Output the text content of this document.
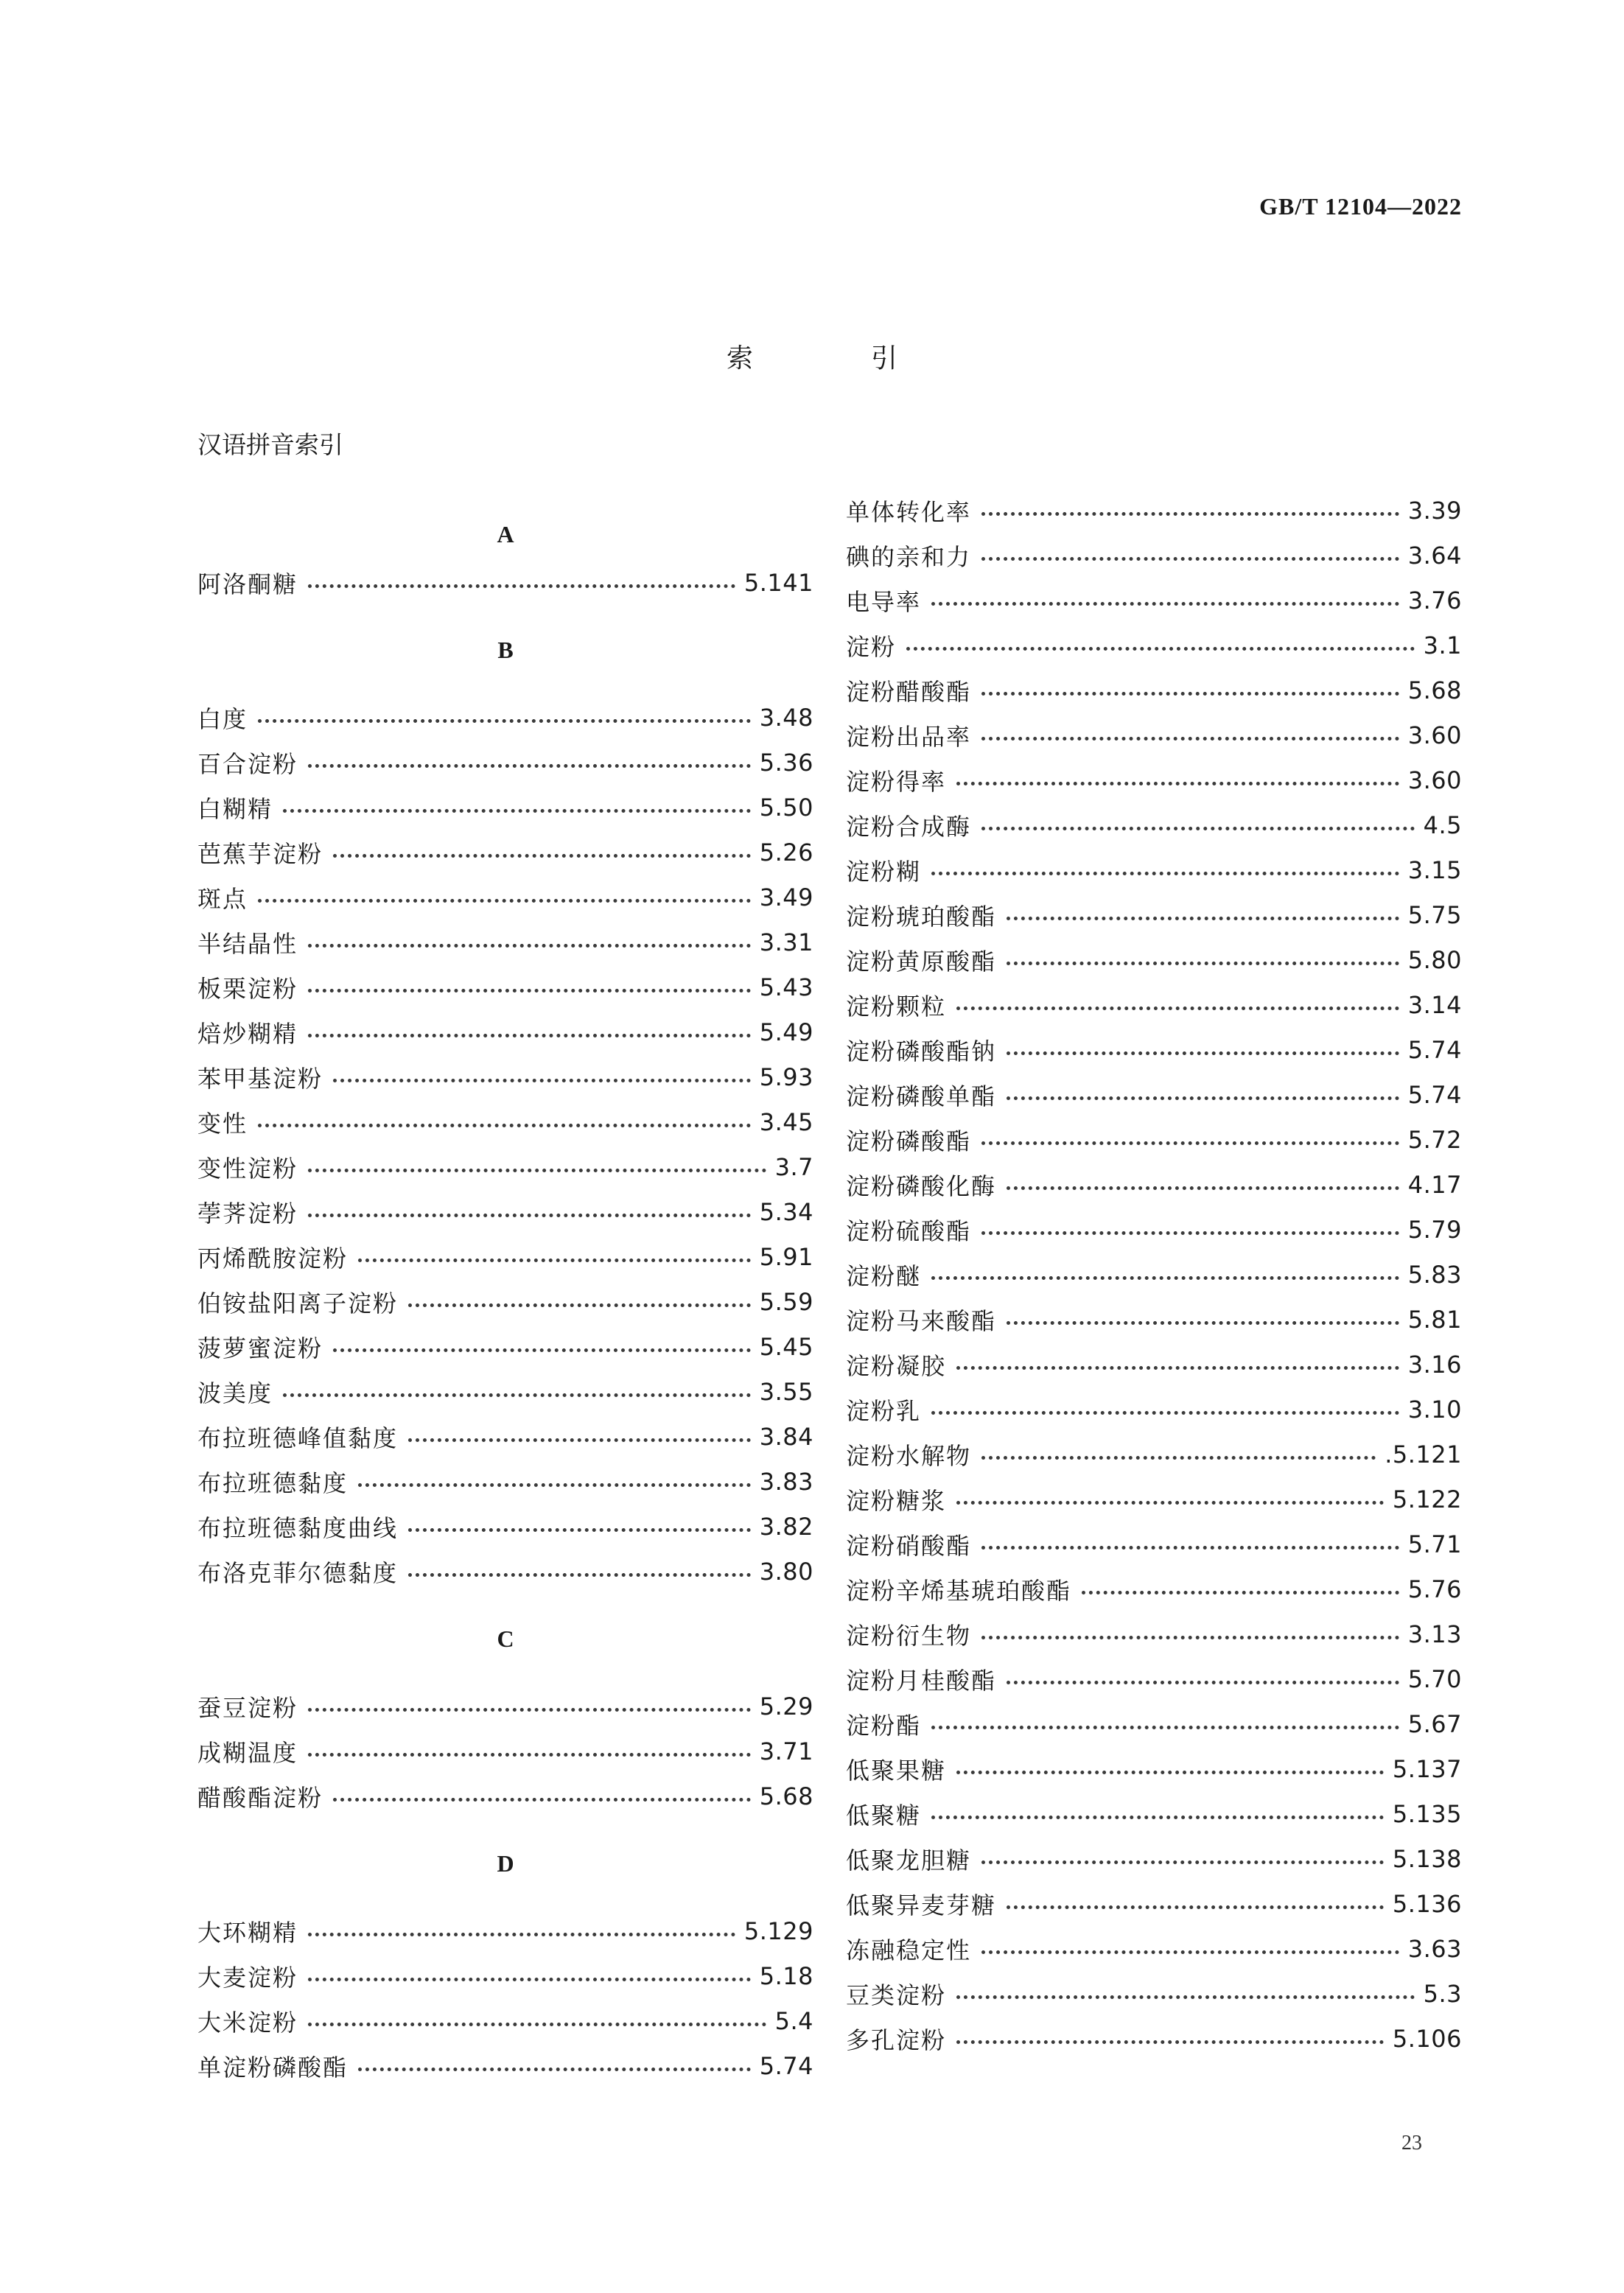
GB/T 12104—2022
索引
汉语拼音索引
A
阿洛酮糖	5.141
B
白度	3.48
百合淀粉	5.36
白糊精	5.50
芭蕉芋淀粉	5.26
斑点	3.49
半结晶性	3.31
板栗淀粉	5.43
焙炒糊精	5.49
苯甲基淀粉	5.93
变性	3.45
变性淀粉	3.7
荸荠淀粉	5.34
丙烯酰胺淀粉	5.91
伯铵盐阳离子淀粉	5.59
菠萝蜜淀粉	5.45
波美度	3.55
布拉班德峰值黏度	3.84
布拉班德黏度	3.83
布拉班德黏度曲线	3.82
布洛克菲尔德黏度	3.80
C
蚕豆淀粉	5.29
成糊温度	3.71
醋酸酯淀粉	5.68
D
大环糊精	5.129
大麦淀粉	5.18
大米淀粉	5.4
单淀粉磷酸酯	5.74
单体转化率	3.39
碘的亲和力	3.64
电导率	3.76
淀粉	3.1
淀粉醋酸酯	5.68
淀粉出品率	3.60
淀粉得率	3.60
淀粉合成酶	4.5
淀粉糊	3.15
淀粉琥珀酸酯	5.75
淀粉黄原酸酯	5.80
淀粉颗粒	3.14
淀粉磷酸酯钠	5.74
淀粉磷酸单酯	5.74
淀粉磷酸酯	5.72
淀粉磷酸化酶	4.17
淀粉硫酸酯	5.79
淀粉醚	5.83
淀粉马来酸酯	5.81
淀粉凝胶	3.16
淀粉乳	3.10
淀粉水解物	.5.121
淀粉糖浆	5.122
淀粉硝酸酯	5.71
淀粉辛烯基琥珀酸酯	5.76
淀粉衍生物	3.13
淀粉月桂酸酯	5.70
淀粉酯	5.67
低聚果糖	5.137
低聚糖	5.135
低聚龙胆糖	5.138
低聚异麦芽糖	5.136
冻融稳定性	3.63
豆类淀粉	5.3
多孔淀粉	5.106
23
